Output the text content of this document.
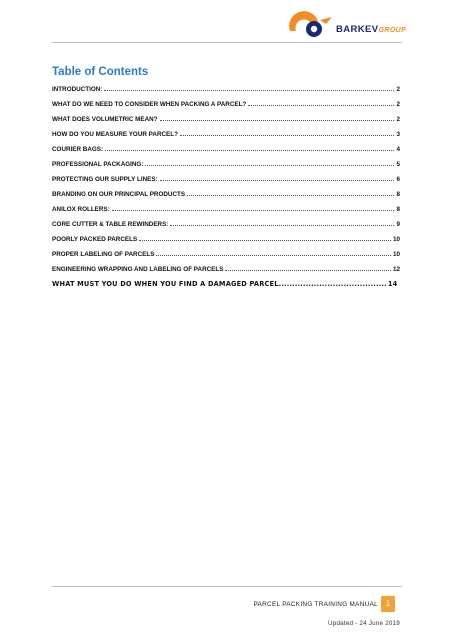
BARKEVGROUP
Table of Contents
INTRODUCTION:	2
WHAT DO WE NEED TO CONSIDER WHEN PACKING A PARCEL?	2
WHAT DOES VOLUMETRIC MEAN?	2
HOW DO YOU MEASURE YOUR PARCEL?	3
COURIER BAGS:	4
PROFESSIONAL PACKAGING:	5
PROTECTING OUR SUPPLY LINES:	6
BRANDING ON OUR PRINCIPAL PRODUCTS	8
ANILOX ROLLERS:	8
CORE CUTTER & TABLE REWINDERS:	9
POORLY PACKED PARCELS	10
PROPER LABELING OF PARCELS	10
ENGINEERING WRAPPING AND LABELING OF PARCELS	12
WHAT MUST YOU DO WHEN YOU FIND A DAMAGED PARCEL ........................................ 14
PARCEL PACKING TRAINING MANUAL 1
Updated - 24 June 2019
